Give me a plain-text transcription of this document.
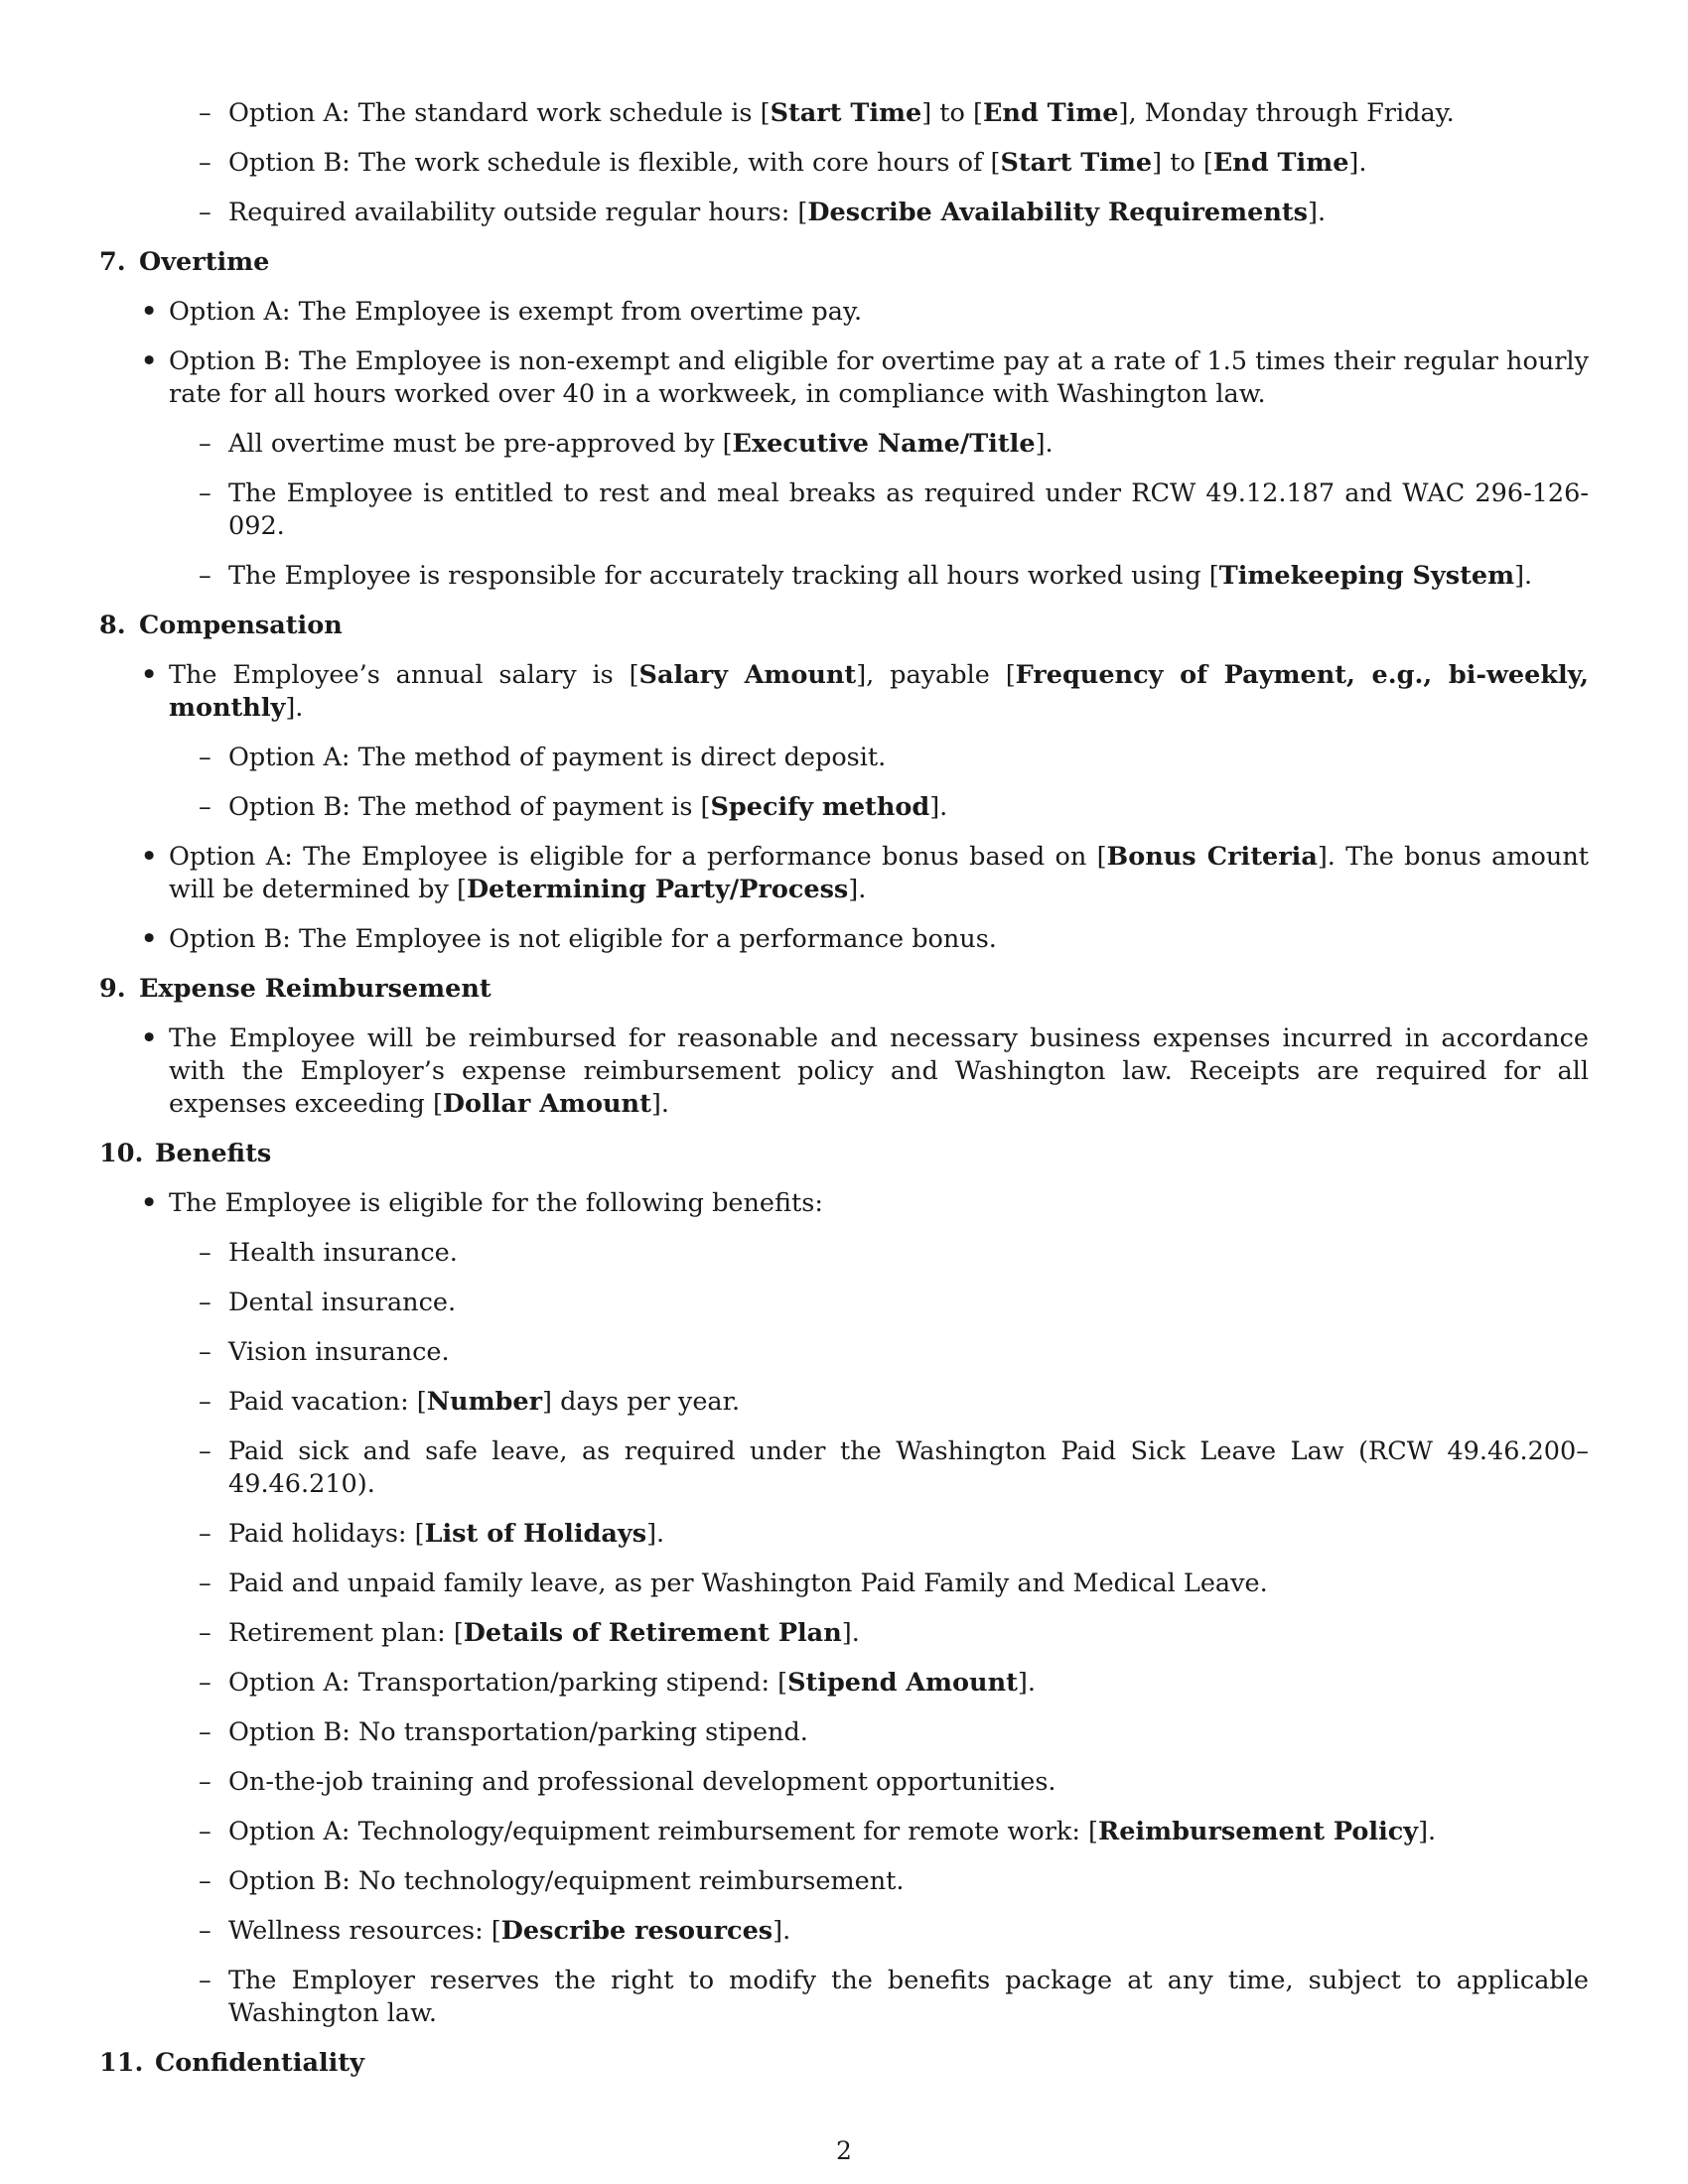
– Option A: The standard work schedule is [Start Time] to [End Time], Monday through Friday.
– Option B: The work schedule is flexible, with core hours of [Start Time] to [End Time].
– Required availability outside regular hours: [Describe Availability Requirements].
7. Overtime
• Option A: The Employee is exempt from overtime pay.
• Option B: The Employee is non-exempt and eligible for overtime pay at a rate of 1.5 times their regular hourly rate for all hours worked over 40 in a workweek, in compliance with Washington law.
– All overtime must be pre-approved by [Executive Name/Title].
– The Employee is entitled to rest and meal breaks as required under RCW 49.12.187 and WAC 296-126-092.
– The Employee is responsible for accurately tracking all hours worked using [Timekeeping System].
8. Compensation
• The Employee’s annual salary is [Salary Amount], payable [Frequency of Payment, e.g., bi-weekly, monthly].
– Option A: The method of payment is direct deposit.
– Option B: The method of payment is [Specify method].
• Option A: The Employee is eligible for a performance bonus based on [Bonus Criteria]. The bonus amount will be determined by [Determining Party/Process].
• Option B: The Employee is not eligible for a performance bonus.
9. Expense Reimbursement
• The Employee will be reimbursed for reasonable and necessary business expenses incurred in accordance with the Employer’s expense reimbursement policy and Washington law. Receipts are required for all expenses exceeding [Dollar Amount].
10. Benefits
• The Employee is eligible for the following benefits:
– Health insurance.
– Dental insurance.
– Vision insurance.
– Paid vacation: [Number] days per year.
– Paid sick and safe leave, as required under the Washington Paid Sick Leave Law (RCW 49.46.200–49.46.210).
– Paid holidays: [List of Holidays].
– Paid and unpaid family leave, as per Washington Paid Family and Medical Leave.
– Retirement plan: [Details of Retirement Plan].
– Option A: Transportation/parking stipend: [Stipend Amount].
– Option B: No transportation/parking stipend.
– On-the-job training and professional development opportunities.
– Option A: Technology/equipment reimbursement for remote work: [Reimbursement Policy].
– Option B: No technology/equipment reimbursement.
– Wellness resources: [Describe resources].
– The Employer reserves the right to modify the benefits package at any time, subject to applicable Washington law.
11. Confidentiality
2
